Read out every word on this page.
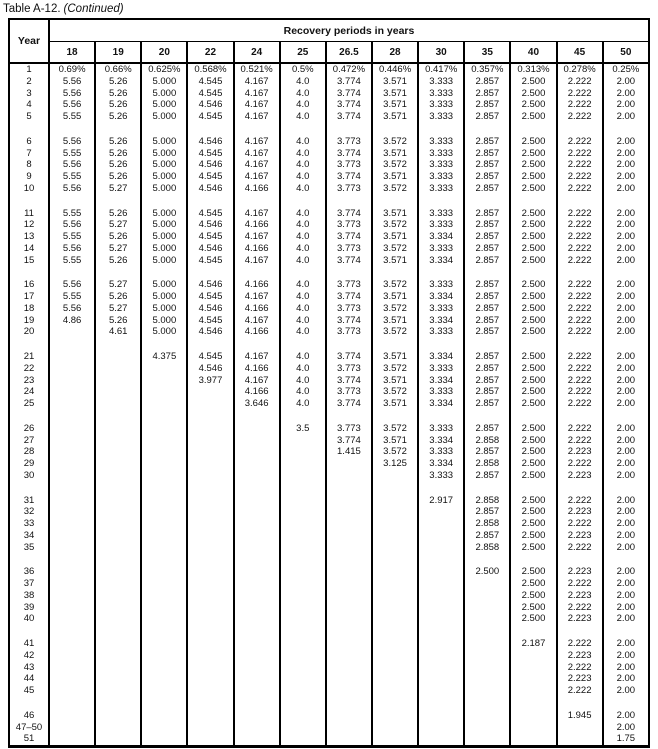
Table A-12. (Continued)
Year	Recovery periods in years												
	18	19	20	22	24	25	26.5	28	30	35	40	45	50
1	0.69%	0.66%	0.625%	0.568%	0.521%	0.5%	0.472%	0.446%	0.417%	0.357%	0.313%	0.278%	0.25%
2	5.56	5.26	5.000	4.545	4.167	4.0	3.774	3.571	3.333	2.857	2.500	2.222	2.00
3	5.56	5.26	5.000	4.545	4.167	4.0	3.774	3.571	3.333	2.857	2.500	2.222	2.00
4	5.56	5.26	5.000	4.546	4.167	4.0	3.774	3.571	3.333	2.857	2.500	2.222	2.00
5	5.55	5.26	5.000	4.545	4.167	4.0	3.774	3.571	3.333	2.857	2.500	2.222	2.00

6	5.56	5.26	5.000	4.546	4.167	4.0	3.773	3.572	3.333	2.857	2.500	2.222	2.00
7	5.55	5.26	5.000	4.545	4.167	4.0	3.774	3.571	3.333	2.857	2.500	2.222	2.00
8	5.56	5.26	5.000	4.546	4.167	4.0	3.773	3.572	3.333	2.857	2.500	2.222	2.00
9	5.55	5.26	5.000	4.545	4.167	4.0	3.774	3.571	3.333	2.857	2.500	2.222	2.00
10	5.56	5.27	5.000	4.546	4.166	4.0	3.773	3.572	3.333	2.857	2.500	2.222	2.00

11	5.55	5.26	5.000	4.545	4.167	4.0	3.774	3.571	3.333	2.857	2.500	2.222	2.00
12	5.56	5.27	5.000	4.546	4.166	4.0	3.773	3.572	3.333	2.857	2.500	2.222	2.00
13	5.55	5.26	5.000	4.545	4.167	4.0	3.774	3.571	3.334	2.857	2.500	2.222	2.00
14	5.56	5.27	5.000	4.546	4.166	4.0	3.773	3.572	3.333	2.857	2.500	2.222	2.00
15	5.55	5.26	5.000	4.545	4.167	4.0	3.774	3.571	3.334	2.857	2.500	2.222	2.00

16	5.56	5.27	5.000	4.546	4.166	4.0	3.773	3.572	3.333	2.857	2.500	2.222	2.00
17	5.55	5.26	5.000	4.545	4.167	4.0	3.774	3.571	3.334	2.857	2.500	2.222	2.00
18	5.56	5.27	5.000	4.546	4.166	4.0	3.773	3.572	3.333	2.857	2.500	2.222	2.00
19	4.86	5.26	5.000	4.545	4.167	4.0	3.774	3.571	3.334	2.857	2.500	2.222	2.00
20		4.61	5.000	4.546	4.166	4.0	3.773	3.572	3.333	2.857	2.500	2.222	2.00

21			4.375	4.545	4.167	4.0	3.774	3.571	3.334	2.857	2.500	2.222	2.00
22				4.546	4.166	4.0	3.773	3.572	3.333	2.857	2.500	2.222	2.00
23				3.977	4.167	4.0	3.774	3.571	3.334	2.857	2.500	2.222	2.00
24					4.166	4.0	3.773	3.572	3.333	2.857	2.500	2.222	2.00
25					3.646	4.0	3.774	3.571	3.334	2.857	2.500	2.222	2.00

26						3.5	3.773	3.572	3.333	2.857	2.500	2.222	2.00
27							3.774	3.571	3.334	2.858	2.500	2.222	2.00
28							1.415	3.572	3.333	2.857	2.500	2.223	2.00
29								3.125	3.334	2.858	2.500	2.222	2.00
30									3.333	2.857	2.500	2.223	2.00

31									2.917	2.858	2.500	2.222	2.00
32										2.857	2.500	2.223	2.00
33										2.858	2.500	2.222	2.00
34										2.857	2.500	2.223	2.00
35										2.858	2.500	2.222	2.00

36										2.500	2.500	2.223	2.00
37											2.500	2.222	2.00
38											2.500	2.223	2.00
39											2.500	2.222	2.00
40											2.500	2.223	2.00

41											2.187	2.222	2.00
42												2.223	2.00
43												2.222	2.00
44												2.223	2.00
45												2.222	2.00

46												1.945	2.00
47–50													2.00
51													1.75
